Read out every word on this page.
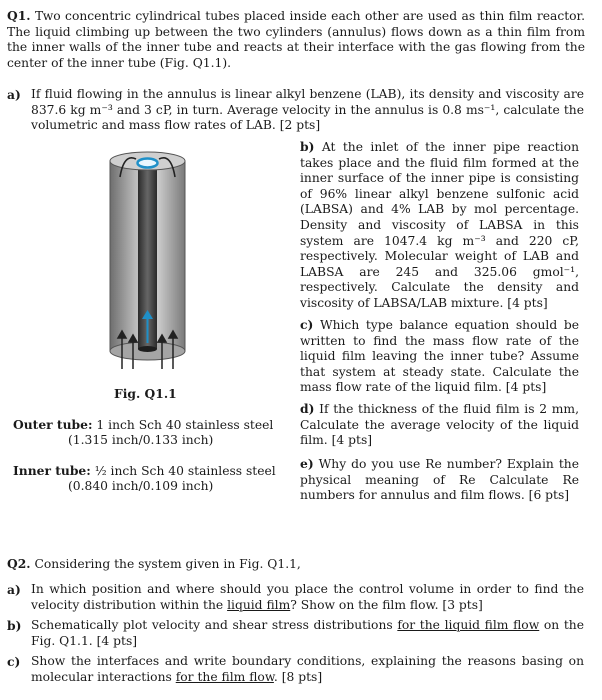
Q1. Two concentric cylindrical tubes placed inside each other are used as thin film reactor. The liquid climbing up between the two cylinders (annulus) flows down as a thin film from the inner walls of the inner tube and reacts at their interface with the gas flowing from the center of the inner tube (Fig. Q1.1).
a) If fluid flowing in the annulus is linear alkyl benzene (LAB), its density and viscosity are 837.6 kg m⁻³ and 3 cP, in turn. Average velocity in the annulus is 0.8 ms⁻¹, calculate the volumetric and mass flow rates of LAB. [2 pts]
Fig. Q1.1
Outer tube: 1 inch Sch 40 stainless steel
(1.315 inch/0.133 inch)
Inner tube: ½ inch Sch 40 stainless steel
(0.840 inch/0.109 inch)
b) At the inlet of the inner pipe reaction takes place and the fluid film formed at the inner surface of the inner pipe is consisting of 96% linear alkyl benzene sulfonic acid (LABSA) and 4% LAB by mol percentage. Density and viscosity of LABSA in this system are 1047.4 kg m⁻³ and 220 cP, respectively. Molecular weight of LAB and LABSA are 245 and 325.06 gmol⁻¹, respectively. Calculate the density and viscosity of LABSA/LAB mixture. [4 pts]
c) Which type balance equation should be written to find the mass flow rate of the liquid film leaving the inner tube? Assume that system at steady state. Calculate the mass flow rate of the liquid film. [4 pts]
d) If the thickness of the fluid film is 2 mm, Calculate the average velocity of the liquid film. [4 pts]
e) Why do you use Re number? Explain the physical meaning of Re Calculate Re numbers for annulus and film flows. [6 pts]
Q2. Considering the system given in Fig. Q1.1,
a) In which position and where should you place the control volume in order to find the velocity distribution within the liquid film? Show on the film flow. [3 pts]
b) Schematically plot velocity and shear stress distributions for the liquid film flow on the Fig. Q1.1. [4 pts]
c) Show the interfaces and write boundary conditions, explaining the reasons basing on molecular interactions for the film flow. [8 pts]
